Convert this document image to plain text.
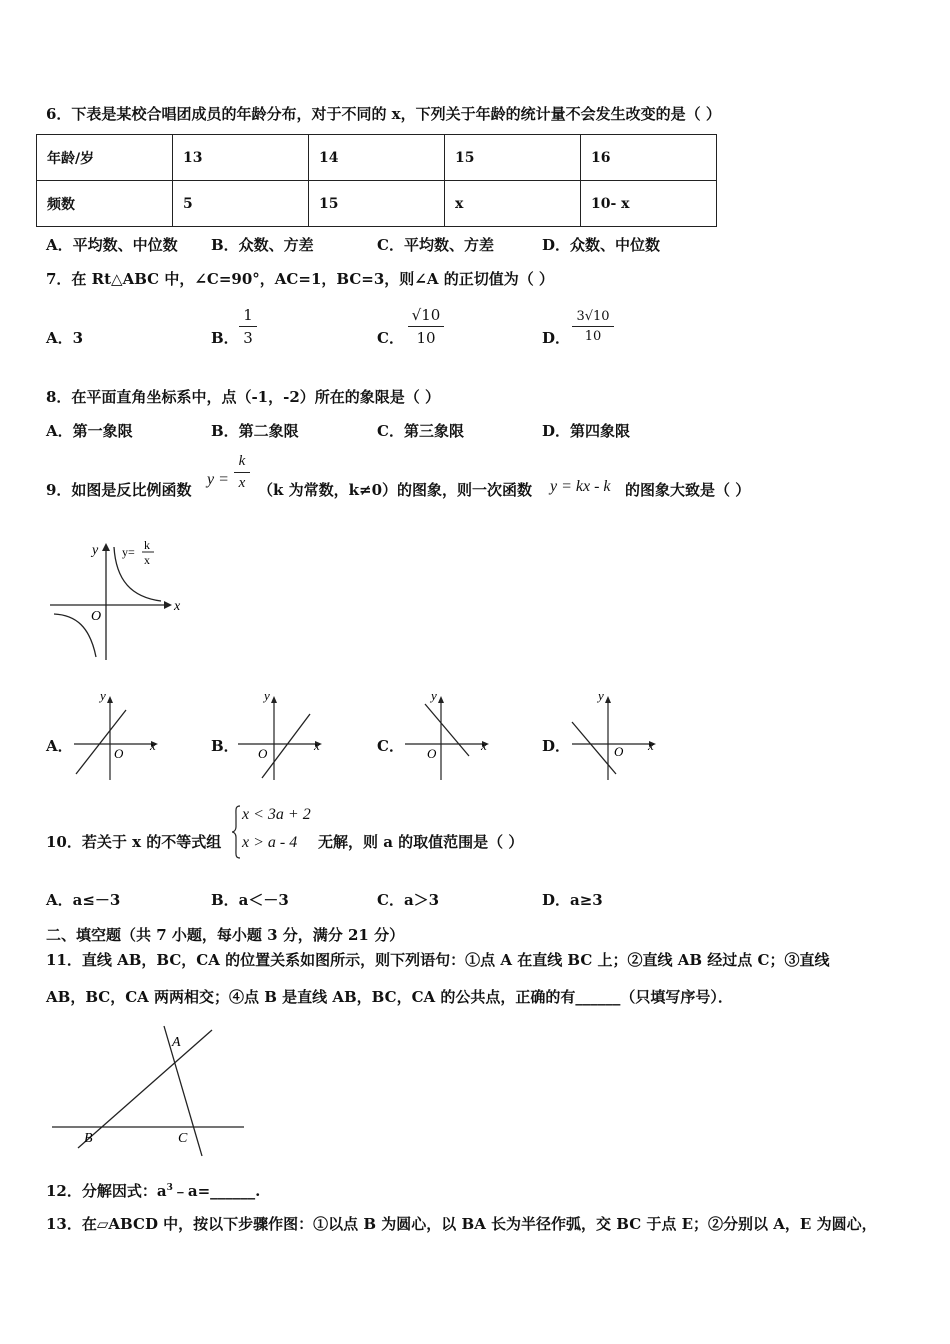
6．下表是某校合唱团成员的年龄分布，对于不同的 x，下列关于年龄的统计量不会发生改变的是（ ）
年龄/岁	13	14	15	16
频数	5	15	x	10- x
A．平均数、中位数 B．众数、方差	C．平均数、方差	D．众数、中位数
7．在 Rt△ABC 中，∠C=90°，AC=1，BC=3，则∠A 的正切值为（ ）
A．3	B． $\frac{1}{3}$	C． $\frac{√10}{10}$	D． $\frac{3√10}{10}$
8．在平面直角坐标系中，点（-1，-2）所在的象限是（ ）
A．第一象限	B．第二象限	C．第三象限	D．第四象限
9．如图是反比例函数
$y = \frac{k}{x} (k$ 为常数，k≠0）的图象，则一次函数 y = kx - k 的图象大致是（ ）
y
x
O
y= k
x
A．
y
x
O	B．
y
x
O	C．
y
x
O	D．
y
x
O
10．若关于 x 的不等式组
x < 3a + 2
x > a - 4 无解，则 a 的取值范围是（ ）
A．a≤－3	B．a＜－3	C．a＞3	D．a≥3
二、填空题（共 7 小题，每小题 3 分，满分 21 分）
11．直线 AB，BC，CA 的位置关系如图所示，则下列语句：①点 A 在直线 BC 上；②直线 AB 经过点 C；③直线
AB，BC，CA 两两相交；④点 B 是直线 AB，BC，CA 的公共点，正确的有______（只填写序号）．
A
B	C
12．分解因式：$a^3﹣a=\_\_\_\_\_\_$.
13．在▱ABCD 中，按以下步骤作图：①以点 B 为圆心，以 BA 长为半径作弧，交 BC 于点 E；②分别以 A，E 为圆心，
